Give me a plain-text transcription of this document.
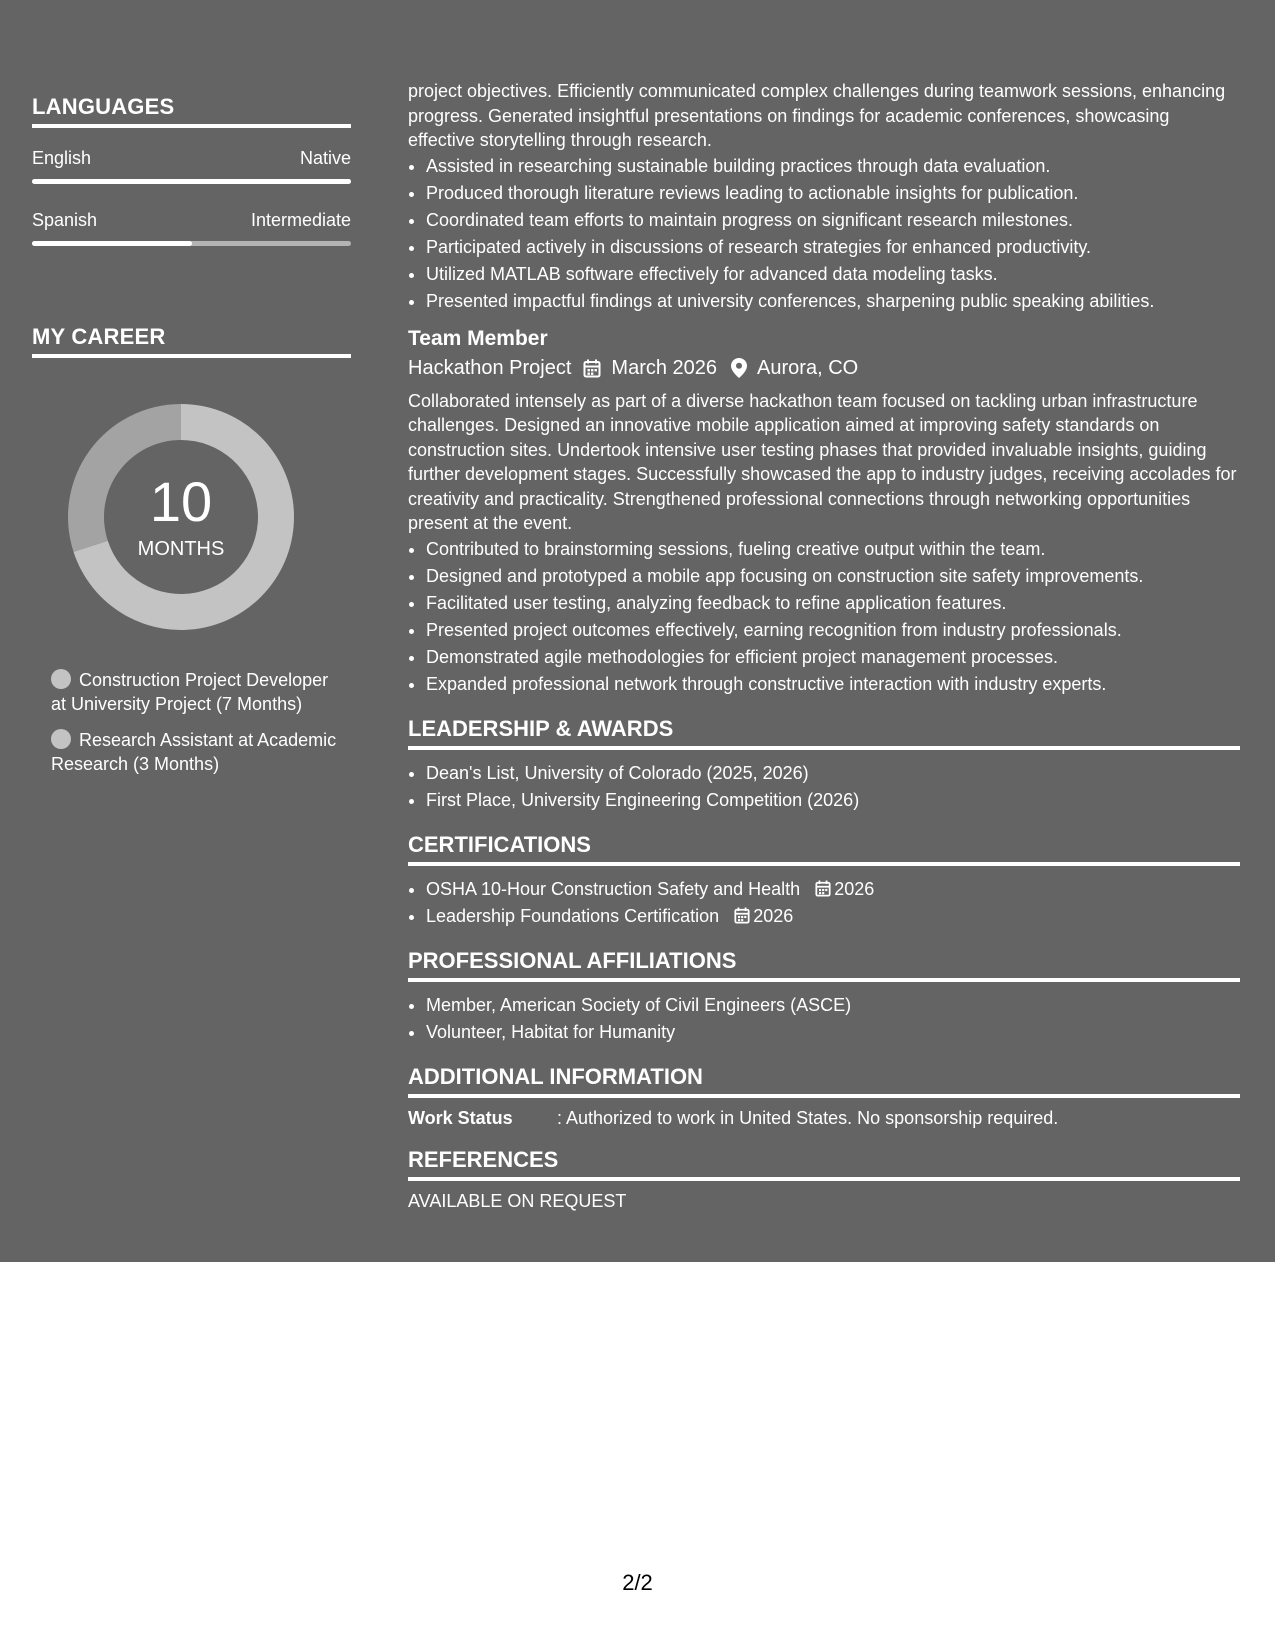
LANGUAGES
English	Native
Spanish	Intermediate
MY CAREER
10
MONTHS
Construction Project Developer at University Project (7 Months)
Research Assistant at Academic Research (3 Months)

project objectives. Efficiently communicated complex challenges during teamwork sessions, enhancing progress. Generated insightful presentations on findings for academic conferences, showcasing effective storytelling through research.

• Assisted in researching sustainable building practices through data evaluation.
• Produced thorough literature reviews leading to actionable insights for publication.
• Coordinated team efforts to maintain progress on significant research milestones.
• Participated actively in discussions of research strategies for enhanced productivity.
• Utilized MATLAB software effectively for advanced data modeling tasks.
• Presented impactful findings at university conferences, sharpening public speaking abilities.
Team Member
Hackathon Project March 2026 Aurora, CO

Collaborated intensely as part of a diverse hackathon team focused on tackling urban infrastructure challenges. Designed an innovative mobile application aimed at improving safety standards on construction sites. Undertook intensive user testing phases that provided invaluable insights, guiding further development stages. Successfully showcased the app to industry judges, receiving accolades for creativity and practicality. Strengthened professional connections through networking opportunities present at the event.

• Contributed to brainstorming sessions, fueling creative output within the team.
• Designed and prototyped a mobile app focusing on construction site safety improvements.
• Facilitated user testing, analyzing feedback to refine application features.
• Presented project outcomes effectively, earning recognition from industry professionals.
• Demonstrated agile methodologies for efficient project management processes.
• Expanded professional network through constructive interaction with industry experts.
LEADERSHIP & AWARDS
• Dean's List, University of Colorado (2025, 2026)
• First Place, University Engineering Competition (2026)
CERTIFICATIONS
• OSHA 10-Hour Construction Safety and Health 2026
• Leadership Foundations Certification 2026
PROFESSIONAL AFFILIATIONS
• Member, American Society of Civil Engineers (ASCE)
• Volunteer, Habitat for Humanity
ADDITIONAL INFORMATION
Work Status	: Authorized to work in United States. No sponsorship required.
REFERENCES
AVAILABLE ON REQUEST
2/2
